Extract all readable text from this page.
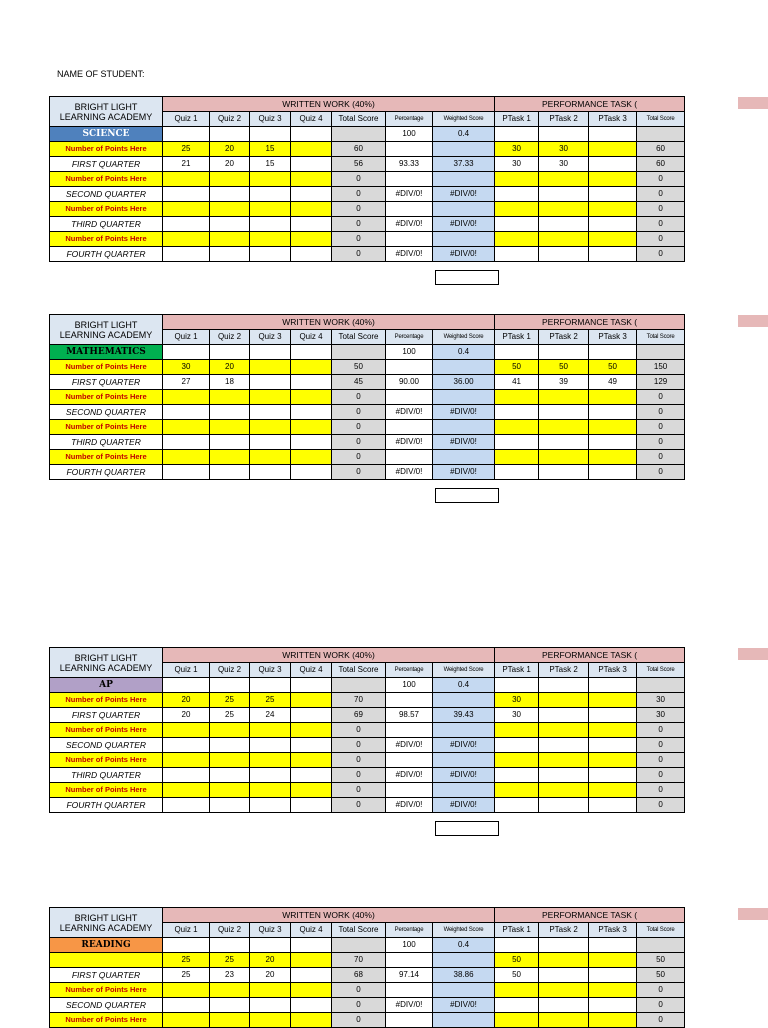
NAME OF STUDENT:
BRIGHT LIGHT
LEARNING ACADEMY	WRITTEN WORK (40%)							PERFORMANCE TASK (			
	Quiz 1	Quiz 2	Quiz 3	Quiz 4	Total Score	Percentage	Weighted Score	PTask 1	PTask 2	PTask 3	Total Score
SCIENCE						100	0.4				
Number of Points Here	25	20	15		60			30	30		60
FIRST QUARTER	21	20	15		56	93.33	37.33	30	30		60
Number of Points Here					0						0
SECOND QUARTER					0	#DIV/0!	#DIV/0!				0
Number of Points Here					0						0
THIRD QUARTER					0	#DIV/0!	#DIV/0!				0
Number of Points Here					0						0
FOURTH QUARTER					0	#DIV/0!	#DIV/0!				0
BRIGHT LIGHT
LEARNING ACADEMY	WRITTEN WORK (40%)							PERFORMANCE TASK (			
	Quiz 1	Quiz 2	Quiz 3	Quiz 4	Total Score	Percentage	Weighted Score	PTask 1	PTask 2	PTask 3	Total Score
MATHEMATICS						100	0.4				
Number of Points Here	30	20			50			50	50	50	150
FIRST QUARTER	27	18			45	90.00	36.00	41	39	49	129
Number of Points Here					0						0
SECOND QUARTER					0	#DIV/0!	#DIV/0!				0
Number of Points Here					0						0
THIRD QUARTER					0	#DIV/0!	#DIV/0!				0
Number of Points Here					0						0
FOURTH QUARTER					0	#DIV/0!	#DIV/0!				0
BRIGHT LIGHT
LEARNING ACADEMY	WRITTEN WORK (40%)							PERFORMANCE TASK (			
	Quiz 1	Quiz 2	Quiz 3	Quiz 4	Total Score	Percentage	Weighted Score	PTask 1	PTask 2	PTask 3	Total Score
AP						100	0.4				
Number of Points Here	20	25	25		70			30			30
FIRST QUARTER	20	25	24		69	98.57	39.43	30			30
Number of Points Here					0						0
SECOND QUARTER					0	#DIV/0!	#DIV/0!				0
Number of Points Here					0						0
THIRD QUARTER					0	#DIV/0!	#DIV/0!				0
Number of Points Here					0						0
FOURTH QUARTER					0	#DIV/0!	#DIV/0!				0
BRIGHT LIGHT
LEARNING ACADEMY	WRITTEN WORK (40%)							PERFORMANCE TASK (			
	Quiz 1	Quiz 2	Quiz 3	Quiz 4	Total Score	Percentage	Weighted Score	PTask 1	PTask 2	PTask 3	Total Score
READING						100	0.4				
	25	25	20		70			50			50
FIRST QUARTER	25	23	20		68	97.14	38.86	50			50
Number of Points Here					0						0
SECOND QUARTER					0	#DIV/0!	#DIV/0!				0
Number of Points Here					0						0
